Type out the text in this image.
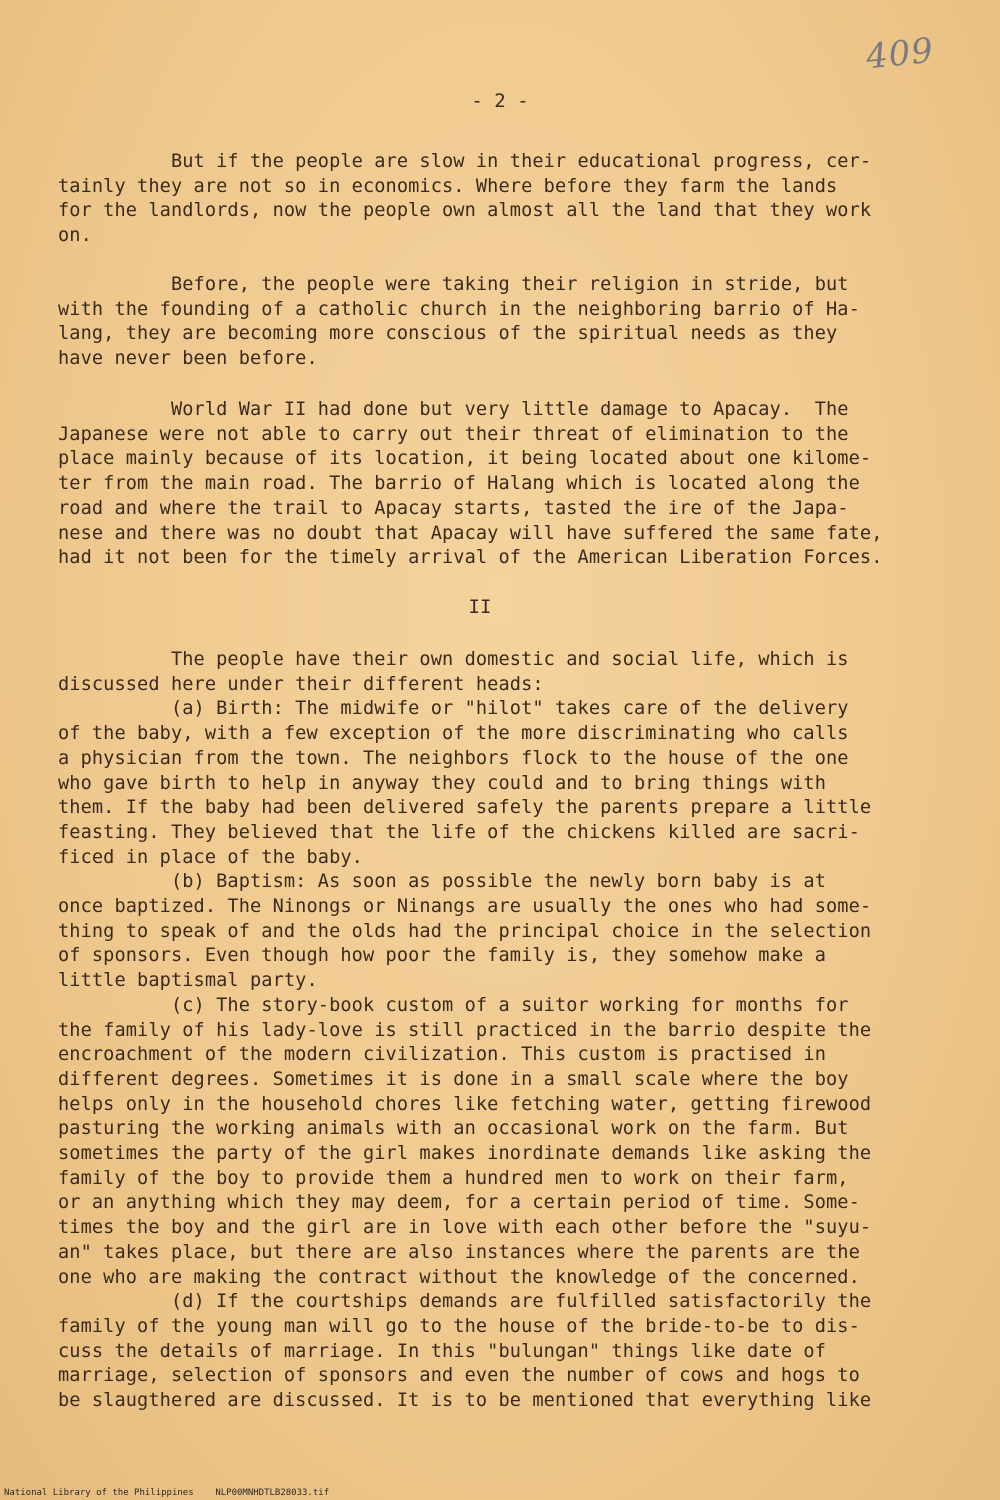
409
- 2 -

But if the people are slow in their educational progress, cer-
tainly they are not so in economics. Where before they farm the lands
for the landlords, now the people own almost all the land that they work
on.

Before, the people were taking their religion in stride, but
with the founding of a catholic church in the neighboring barrio of Ha-
lang, they are becoming more conscious of the spiritual needs as they
have never been before.

World War II had done but very little damage to Apacay.  The
Japanese were not able to carry out their threat of elimination to the
place mainly because of its location, it being located about one kilome-
ter from the main road. The barrio of Halang which is located along the
road and where the trail to Apacay starts, tasted the ire of the Japa-
nese and there was no doubt that Apacay will have suffered the same fate,
had it not been for the timely arrival of the American Liberation Forces.

II

The people have their own domestic and social life, which is
discussed here under their different heads:
(a) Birth: The midwife or "hilot" takes care of the delivery
of the baby, with a few exception of the more discriminating who calls
a physician from the town. The neighbors flock to the house of the one
who gave birth to help in anyway they could and to bring things with
them. If the baby had been delivered safely the parents prepare a little
feasting. They believed that the life of the chickens killed are sacri-
ficed in place of the baby.
(b) Baptism: As soon as possible the newly born baby is at
once baptized. The Ninongs or Ninangs are usually the ones who had some-
thing to speak of and the olds had the principal choice in the selection
of sponsors. Even though how poor the family is, they somehow make a
little baptismal party.
(c) The story-book custom of a suitor working for months for
the family of his lady-love is still practiced in the barrio despite the
encroachment of the modern civilization. This custom is practised in
different degrees. Sometimes it is done in a small scale where the boy
helps only in the household chores like fetching water, getting firewood
pasturing the working animals with an occasional work on the farm. But
sometimes the party of the girl makes inordinate demands like asking the
family of the boy to provide them a hundred men to work on their farm,
or an anything which they may deem, for a certain period of time. Some-
times the boy and the girl are in love with each other before the "suyu-
an" takes place, but there are also instances where the parents are the
one who are making the contract without the knowledge of the concerned.
(d) If the courtships demands are fulfilled satisfactorily the
family of the young man will go to the house of the bride-to-be to dis-
cuss the details of marriage. In this "bulungan" things like date of
marriage, selection of sponsors and even the number of cows and hogs to
be slaugthered are discussed. It is to be mentioned that everything like

National Library of the Philippines    NLP00MNHDTLB28033.tif
